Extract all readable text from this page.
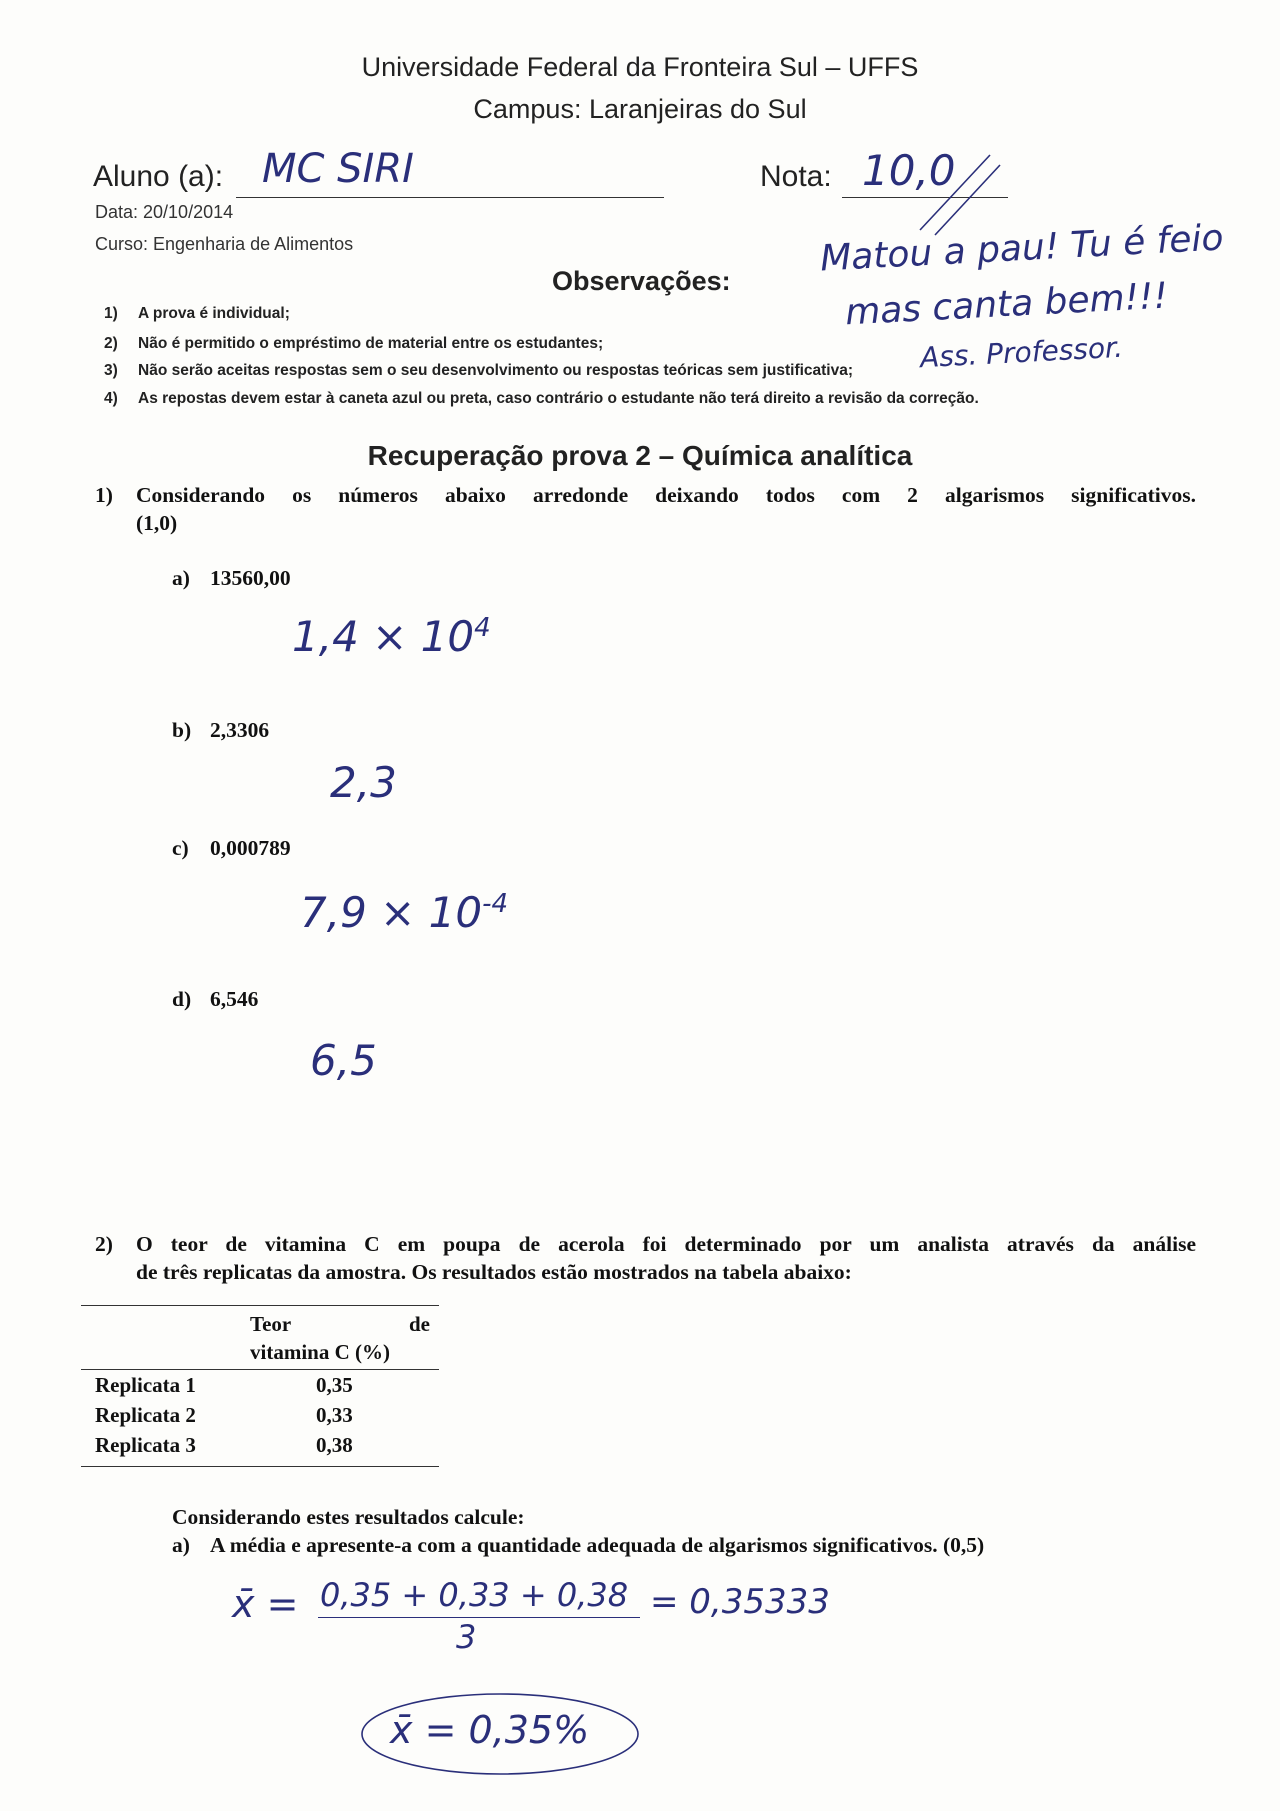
Universidade Federal da Fronteira Sul – UFFS
Campus: Laranjeiras do Sul
Aluno (a): MC SIRI	Nota: 10,0
Data: 20/10/2014
Curso: Engenharia de Alimentos	Matou a pau! Tu é feio
mas canta bem!!!
Ass. Professor.
Observações:
1) A prova é individual;
2) Não é permitido o empréstimo de material entre os estudantes;
3) Não serão aceitas respostas sem o seu desenvolvimento ou respostas teóricas sem justificativa;
4) As repostas devem estar à caneta azul ou preta, caso contrário o estudante não terá direito a revisão da correção.
Recuperação prova 2 – Química analítica
1) Considerando os números abaixo arredonde deixando todos com 2 algarismos significativos.
(1,0)
a) 13560,00
$1,4 \times 10^4$
b) 2,3306
2,3
c) 0,000789
$7,9 \times 10^{-4}$
d) 6,546
6,5
2) O teor de vitamina C em poupa de acerola foi determinado por um analista através da análise
de três replicatas da amostra. Os resultados estão mostrados na tabela abaixo:
Teor	de
vitamina C (%)
Replicata 1	0,35
Replicata 2	0,33
Replicata 3	0,38
Considerando estes resultados calcule:
a) A média e apresente-a com a quantidade adequada de algarismos significativos. (0,5)
x̄ = 0,35 + 0,33 + 0,38
3
= 0,35333
x̄ = 0,35%
